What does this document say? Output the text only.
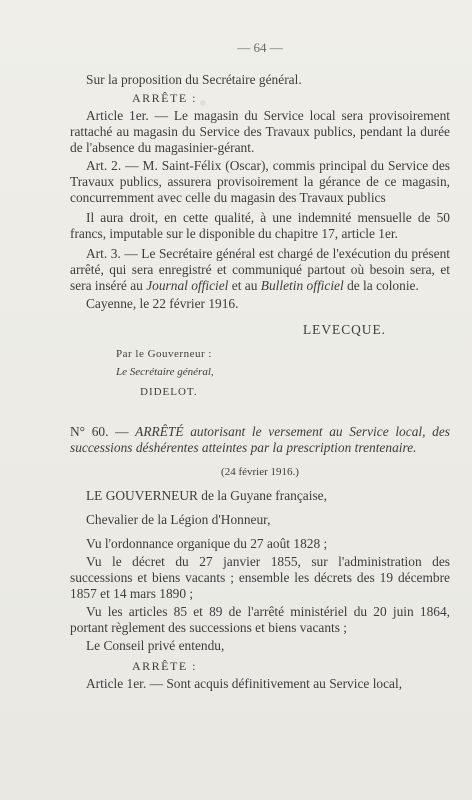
— 64 —

Sur la proposition du Secrétaire général.

ARRÊTE :

Article 1er. — Le magasin du Service local sera provisoirement rattaché au magasin du Service des Travaux publics, pendant la durée de l'absence du magasinier-gérant.

Art. 2. — M. Saint-Félix (Oscar), commis principal du Service des Travaux publics, assurera provisoirement la gérance de ce magasin, concurremment avec celle du magasin des Travaux publics

Il aura droit, en cette qualité, à une indemnité mensuelle de 50 francs, imputable sur le disponible du chapitre 17, article 1er.

Art. 3. — Le Secrétaire général est chargé de l'exécution du présent arrêté, qui sera enregistré et communiqué partout où besoin sera, et sera inséré au Journal officiel et au Bulletin officiel de la colonie.

Cayenne, le 22 février 1916.

LEVECQUE.

Par le Gouverneur :

Le Secrétaire général,

DIDELOT.

N° 60. — ARRÊTÉ autorisant le versement au Service local, des successions déshérentes atteintes par la prescription trentenaire.

(24 février 1916.)

LE GOUVERNEUR de la Guyane française,

Chevalier de la Légion d'Honneur,

Vu l'ordonnance organique du 27 août 1828 ;

Vu le décret du 27 janvier 1855, sur l'administration des successions et biens vacants ; ensemble les décrets des 19 décembre 1857 et 14 mars 1890 ;

Vu les articles 85 et 89 de l'arrêté ministériel du 20 juin 1864, portant règlement des successions et biens vacants ;

Le Conseil privé entendu,

ARRÊTE :

Article 1er. — Sont acquis définitivement au Service local,
